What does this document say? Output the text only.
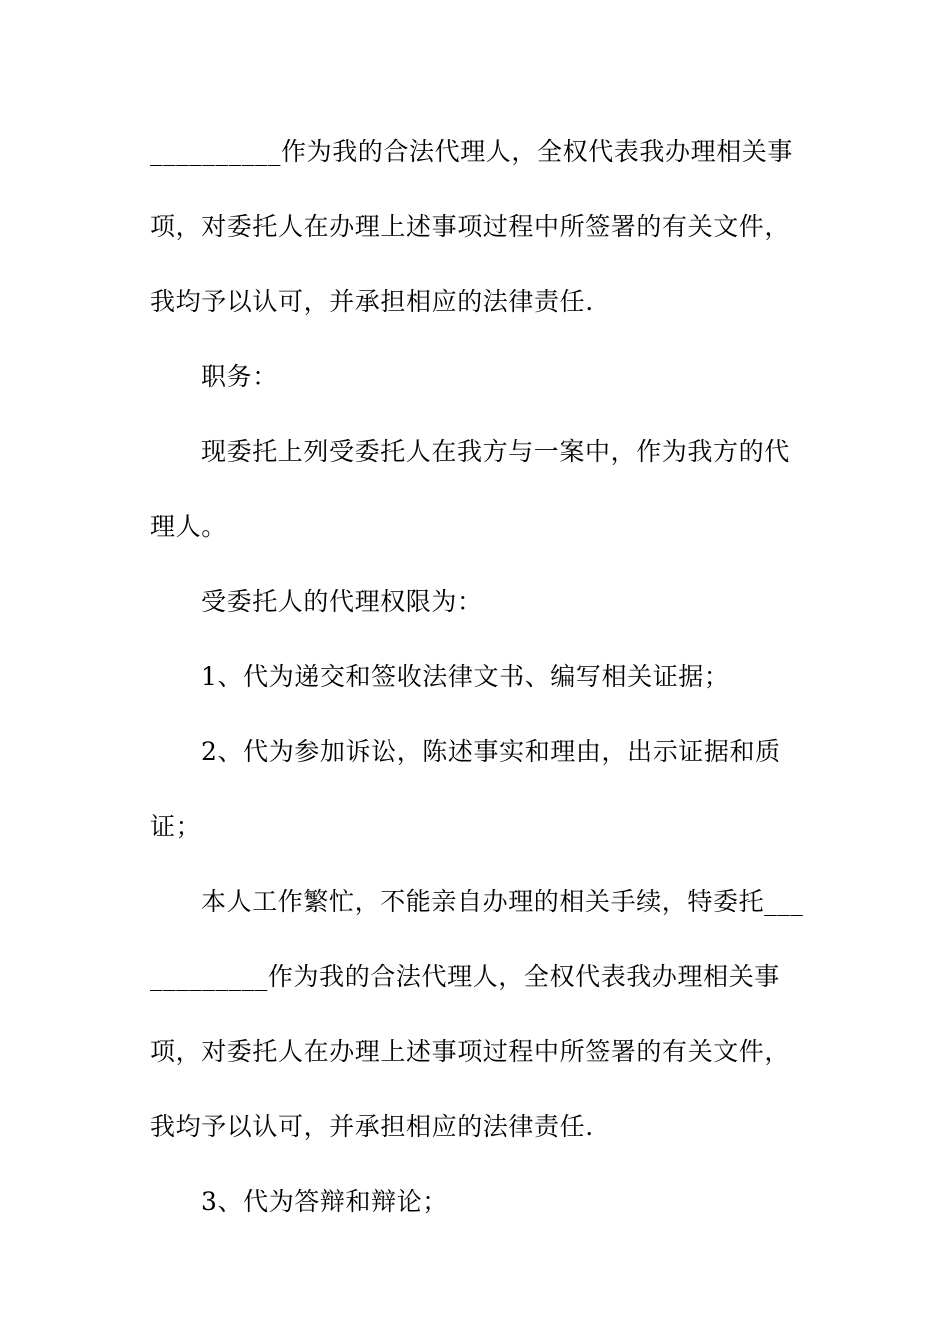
__________作为我的合法代理人，全权代表我办理相关事
项，对委托人在办理上述事项过程中所签署的有关文件，
我均予以认可，并承担相应的法律责任.
职务：
现委托上列受委托人在我方与一案中，作为我方的代
理人。
受委托人的代理权限为：
1、代为递交和签收法律文书、编写相关证据；
2、代为参加诉讼，陈述事实和理由，出示证据和质
证；
本人工作繁忙，不能亲自办理的相关手续，特委托___
_________作为我的合法代理人，全权代表我办理相关事
项，对委托人在办理上述事项过程中所签署的有关文件，
我均予以认可，并承担相应的法律责任.
3、代为答辩和辩论；
